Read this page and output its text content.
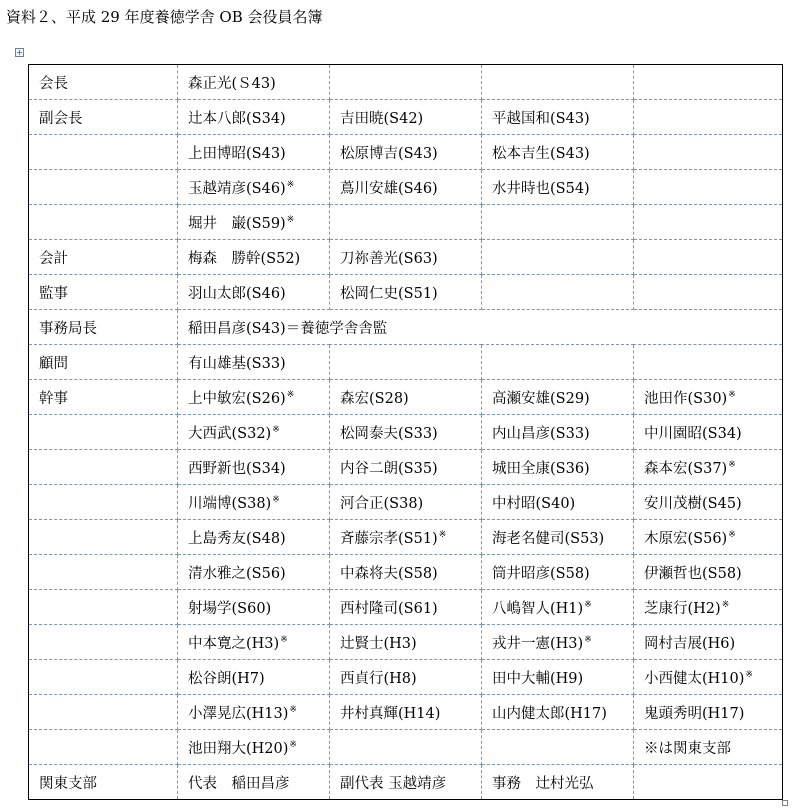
資料２、平成 29 年度養徳学舎 OB 会役員名簿
会長	森正光(Ｓ43)			
副会長	辻本八郎(S34)	吉田暁(S42)	平越国和(S43)	
	上田博昭(S43)	松原博吉(S43)	松本吉生(S43)	
	玉越靖彦(S46)※	蔦川安雄(S46)	水井時也(S54)	
	堀井　巌(S59)※			
会計	梅森　勝幹(S52)	刀祢善光(S63)		
監事	羽山太郎(S46)	松岡仁史(S51)		
事務局長	稲田昌彦(S43)＝養徳学舎舎監			
顧問	有山雄基(S33)			
幹事	上中敏宏(S26)※	森宏(S28)	高瀬安雄(S29)	池田作(S30)※
	大西武(S32)※	松岡泰夫(S33)	内山昌彦(S33)	中川園昭(S34)
	西野新也(S34)	内谷二朗(S35)	城田全康(S36)	森本宏(S37)※
	川端博(S38)※	河合正(S38)	中村昭(S40)	安川茂樹(S45)
	上島秀友(S48)	斉藤宗孝(S51)※	海老名健司(S53)	木原宏(S56)※
	清水雅之(S56)	中森将夫(S58)	筒井昭彦(S58)	伊瀬哲也(S58)
	射場学(S60)	西村隆司(S61)	八嶋智人(H1)※	芝康行(H2)※
	中本寛之(H3)※	辻賢士(H3)	戎井一憲(H3)※	岡村吉展(H6)
	松谷朗(H7)	西貞行(H8)	田中大輔(H9)	小西健太(H10)※
	小澤晃広(H13)※	井村真輝(H14)	山内健太郎(H17)	鬼頭秀明(H17)
	池田翔大(H20)※			※は関東支部
関東支部	代表　稲田昌彦	副代表 玉越靖彦	事務　辻村光弘	
